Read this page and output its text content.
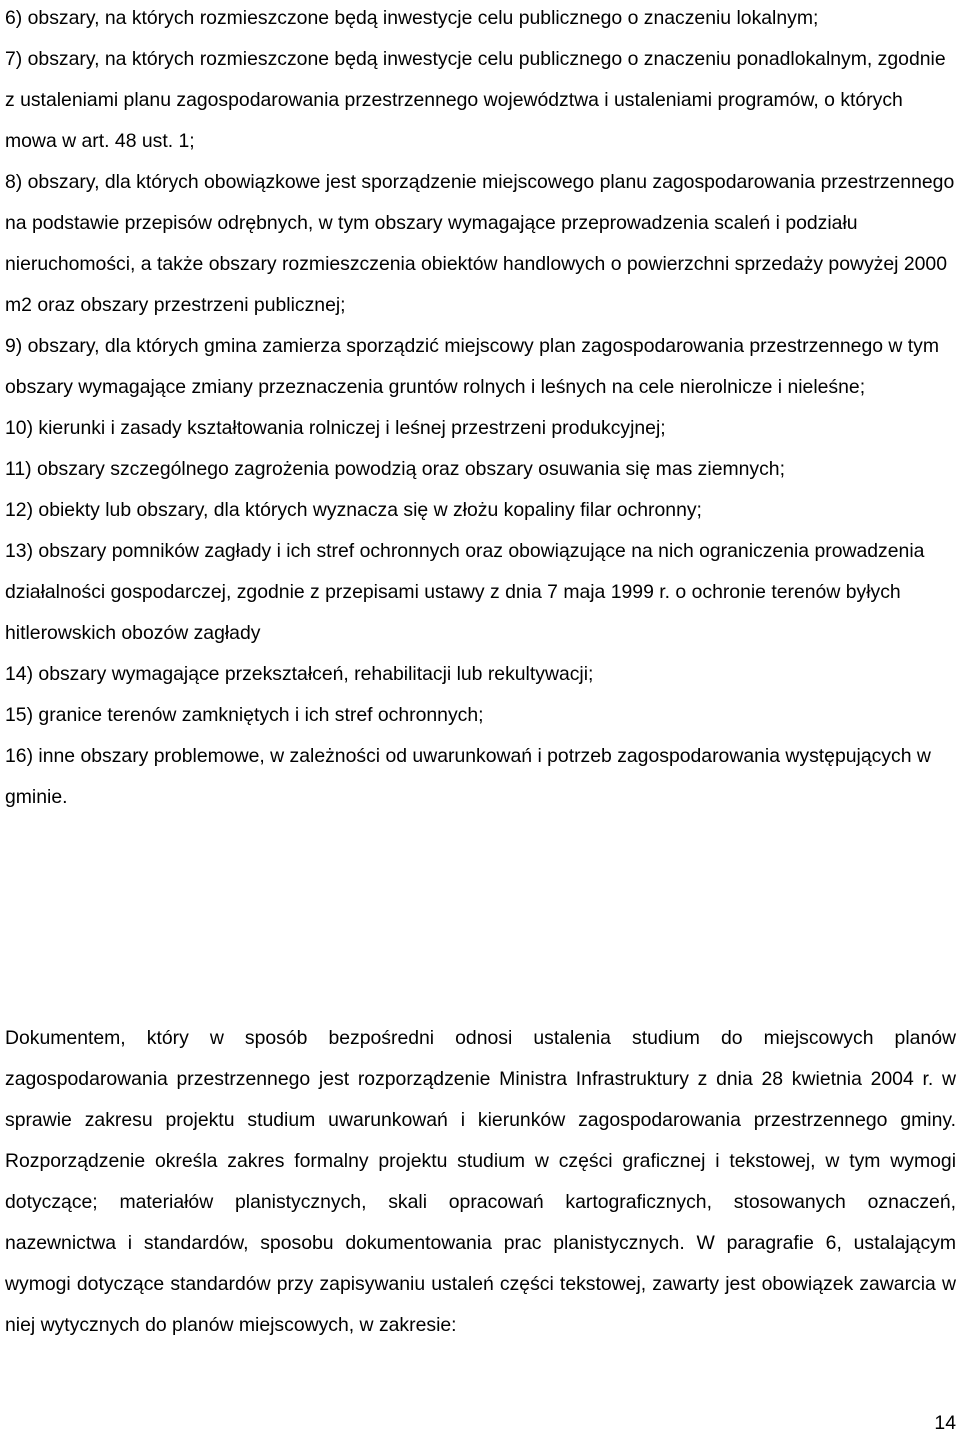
6) obszary, na których rozmieszczone będą inwestycje celu publicznego o znaczeniu lokalnym;

7) obszary, na których rozmieszczone będą inwestycje celu publicznego o znaczeniu ponadlokalnym, zgodnie z ustaleniami planu zagospodarowania przestrzennego województwa i ustaleniami programów, o których mowa w art. 48 ust. 1;

8) obszary, dla których obowiązkowe jest sporządzenie miejscowego planu zagospodarowania przestrzennego na podstawie przepisów odrębnych, w tym obszary wymagające przeprowadzenia scaleń i podziału nieruchomości, a także obszary rozmieszczenia obiektów handlowych o powierzchni sprzedaży powyżej 2000 m2 oraz obszary przestrzeni publicznej;

9) obszary, dla których gmina zamierza sporządzić miejscowy plan zagospodarowania przestrzennego w tym obszary wymagające zmiany przeznaczenia gruntów rolnych i leśnych na cele nierolnicze i nieleśne;

10) kierunki i zasady kształtowania rolniczej i leśnej przestrzeni produkcyjnej;

11) obszary szczególnego zagrożenia powodzią oraz obszary osuwania się mas ziemnych;

12) obiekty lub obszary, dla których wyznacza się w złożu kopaliny filar ochronny;

13) obszary pomników zagłady i ich stref ochronnych oraz obowiązujące na nich ograniczenia prowadzenia działalności gospodarczej, zgodnie z przepisami ustawy z dnia 7 maja 1999 r. o ochronie terenów byłych hitlerowskich obozów zagłady

14) obszary wymagające przekształceń, rehabilitacji lub rekultywacji;

15) granice terenów zamkniętych i ich stref ochronnych;

16) inne obszary problemowe, w zależności od uwarunkowań i potrzeb zagospodarowania występujących w gminie.

Dokumentem, który w sposób bezpośredni odnosi ustalenia studium do miejscowych planów zagospodarowania przestrzennego jest rozporządzenie Ministra Infrastruktury z dnia 28 kwietnia 2004 r. w sprawie zakresu projektu studium uwarunkowań i kierunków zagospodarowania przestrzennego gminy. Rozporządzenie określa zakres formalny projektu studium w części graficznej i tekstowej, w tym wymogi dotyczące; materiałów planistycznych, skali opracowań kartograficznych, stosowanych oznaczeń, nazewnictwa i standardów, sposobu dokumentowania prac planistycznych. W paragrafie 6, ustalającym wymogi dotyczące standardów przy zapisywaniu ustaleń części tekstowej, zawarty jest obowiązek zawarcia w niej wytycznych do planów miejscowych, w zakresie:

14
